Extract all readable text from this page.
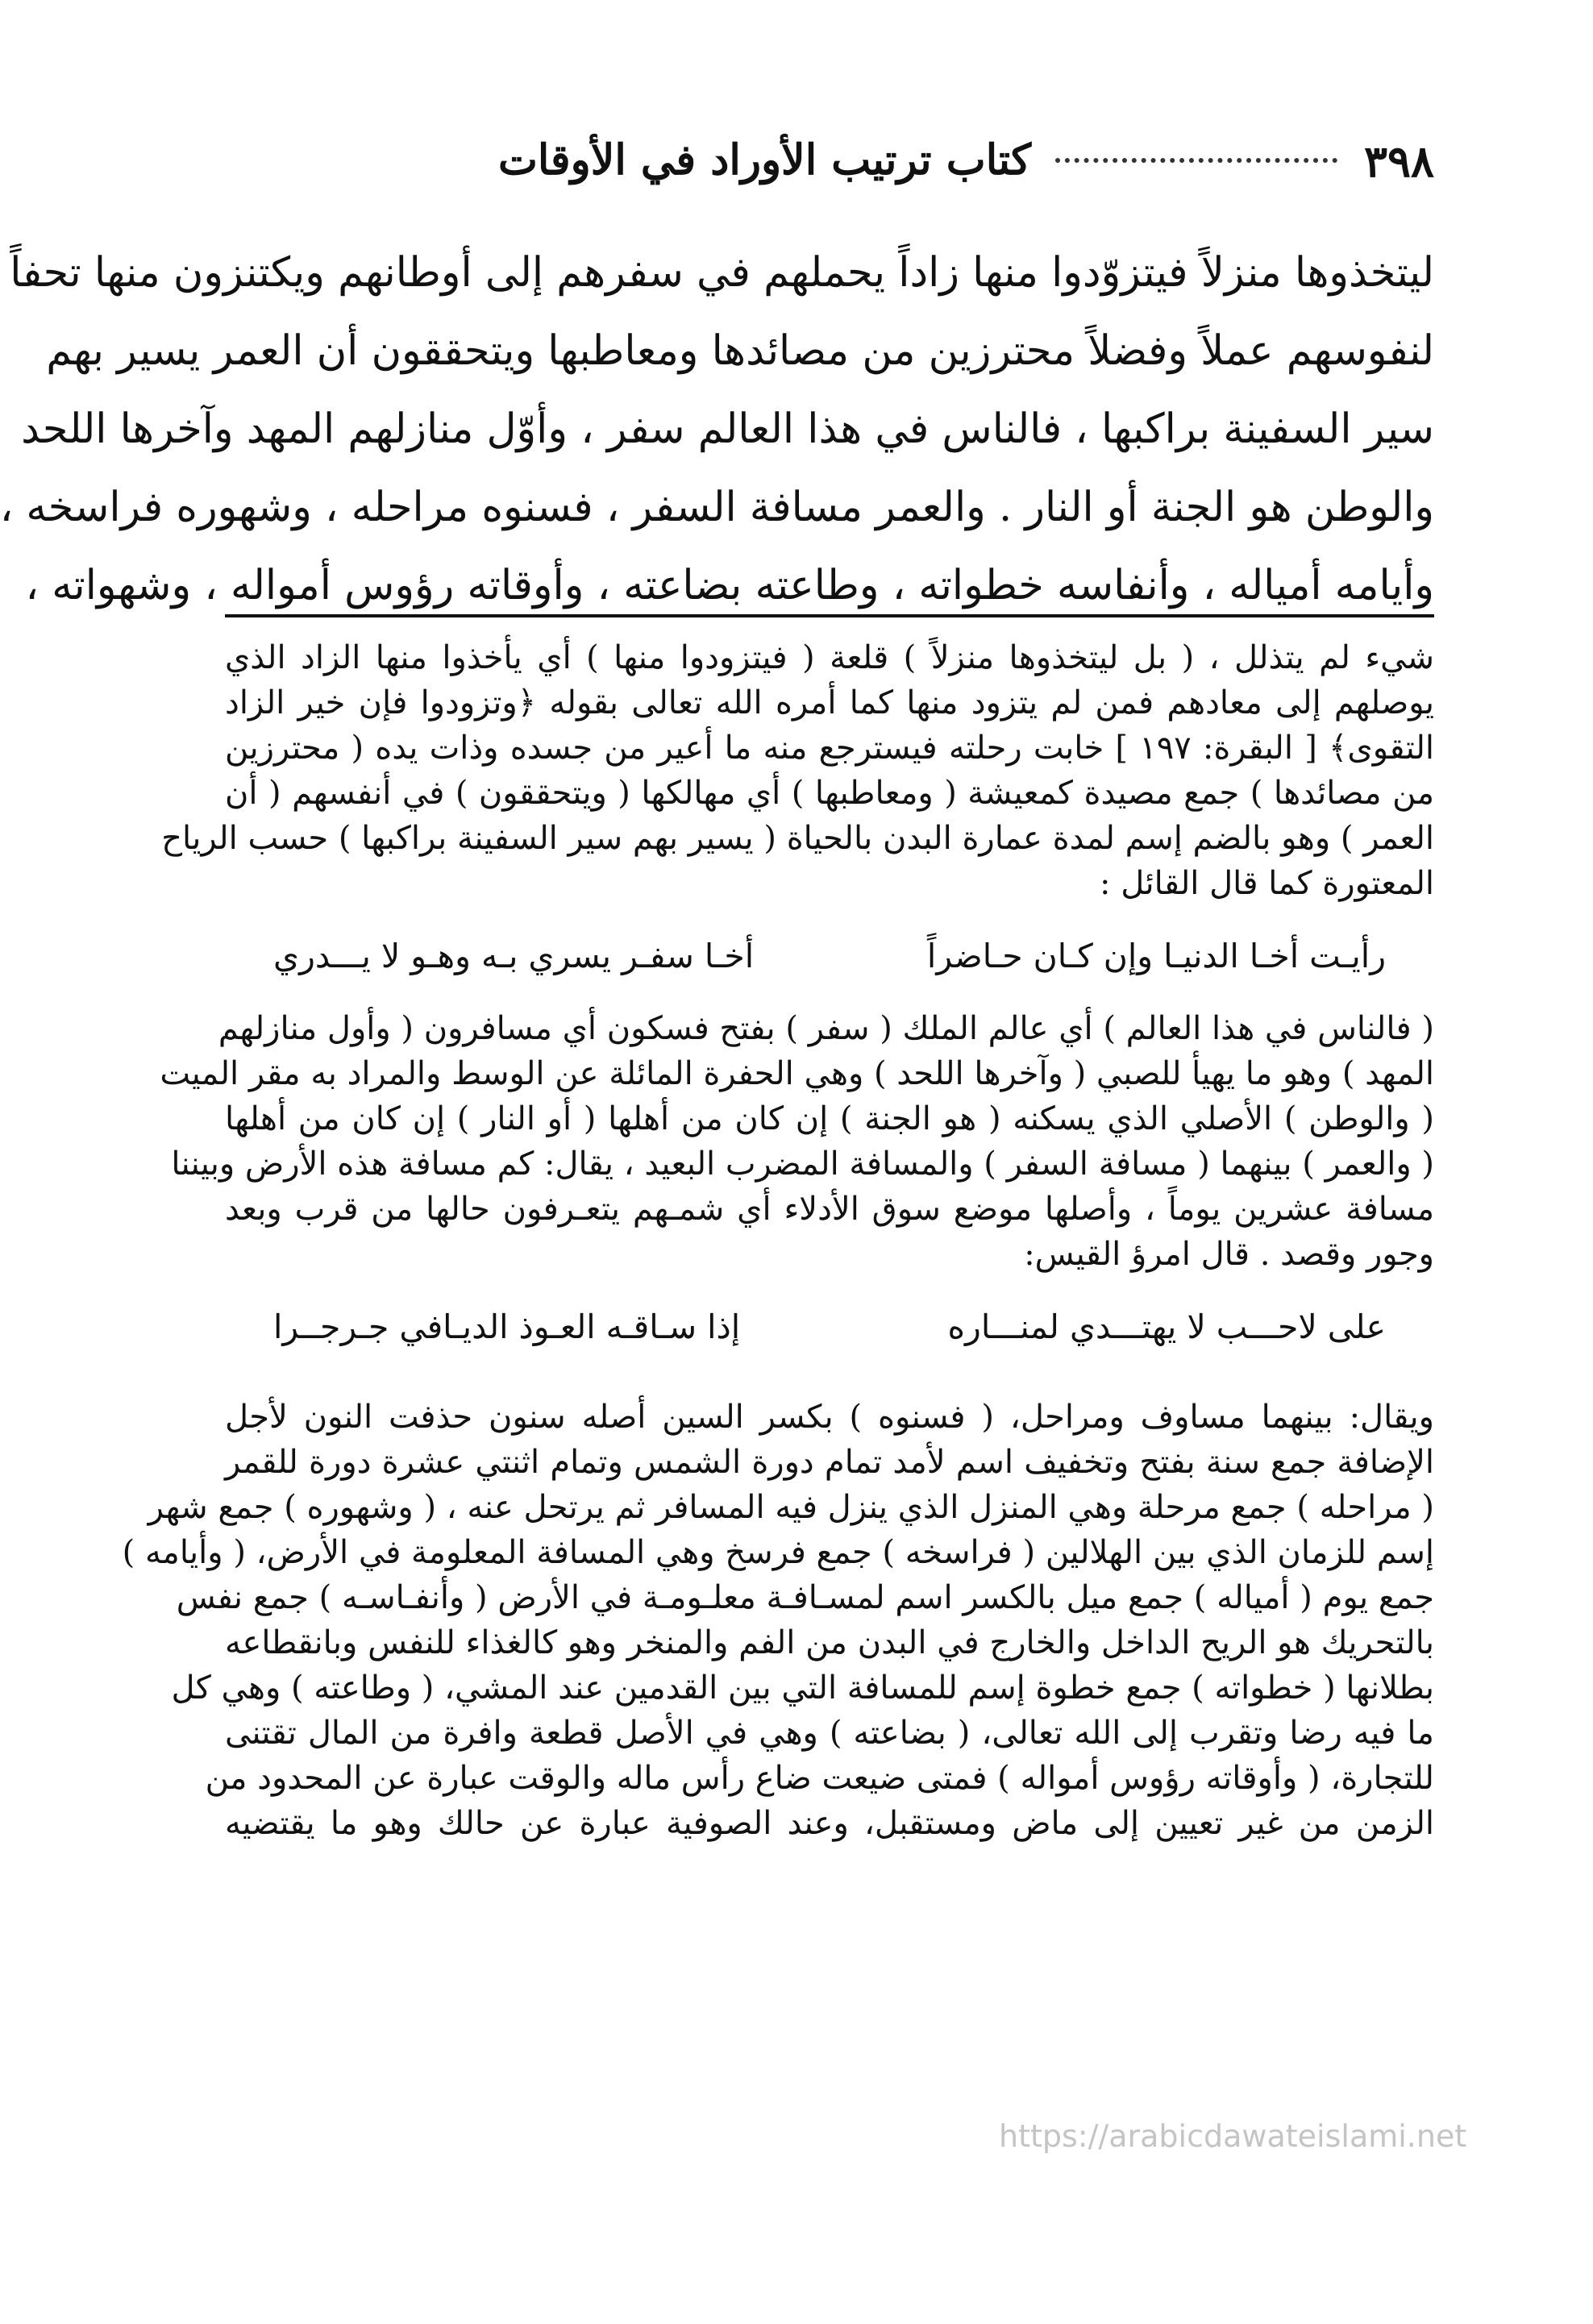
٣٩٨
كتاب ترتيب الأوراد في الأوقات
ليتخذوها منزلاً فيتزوّدوا منها زاداً يحملهم في سفرهم إلى أوطانهم ويكتنزون منها تحفاً
لنفوسهم عملاً وفضلاً محترزين من مصائدها ومعاطبها ويتحققون أن العمر يسير بهم
سير السفينة براكبها ، فالناس في هذا العالم سفر ، وأوّل منازلهم المهد وآخرها اللحد
والوطن هو الجنة أو النار . والعمر مسافة السفر ، فسنوه مراحله ، وشهوره فراسخه ،
وأيامه أمياله ، وأنفاسه خطواته ، وطاعته بضاعته ، وأوقاته رؤوس أمواله ، وشهواته ،
شيء لم يتذلل ، ( بل ليتخذوها منزلاً ) قلعة ( فيتزودوا منها ) أي يأخذوا منها الزاد الذي
يوصلهم إلى معادهم فمن لم يتزود منها كما أمره الله تعالى بقوله ﴿وتزودوا فإن خير الزاد
التقوى﴾ [ البقرة: ١٩٧ ] خابت رحلته فيسترجع منه ما أعير من جسده وذات يده ( محترزين
من مصائدها ) جمع مصيدة كمعيشة ( ومعاطبها ) أي مهالكها ( ويتحققون ) في أنفسهم ( أن
العمر ) وهو بالضم إسم لمدة عمارة البدن بالحياة ( يسير بهم سير السفينة براكبها ) حسب الرياح
المعتورة كما قال القائل :
رأيـت أخـا الدنيـا وإن كـان حـاضراً
أخـا سفـر يسري بـه وهـو لا يـــدري
( فالناس في هذا العالم ) أي عالم الملك ( سفر ) بفتح فسكون أي مسافرون ( وأول منازلهم
المهد ) وهو ما يهيأ للصبي ( وآخرها اللحد ) وهي الحفرة المائلة عن الوسط والمراد به مقر الميت
( والوطن ) الأصلي الذي يسكنه ( هو الجنة ) إن كان من أهلها ( أو النار ) إن كان من أهلها
( والعمر ) بينهما ( مسافة السفر ) والمسافة المضرب البعيد ، يقال: كم مسافة هذه الأرض وبيننا
مسافة عشرين يوماً ، وأصلها موضع سوق الأدلاء أي شمـهم يتعـرفون حالها من قرب وبعد
وجور وقصد . قال امرؤ القيس:
على لاحـــب لا يهتـــدي لمنـــاره
إذا سـاقـه العـوذ الديـافي جـرجــرا
ويقال: بينهما مساوف ومراحل، ( فسنوه ) بكسر السين أصله سنون حذفت النون لأجل
الإضافة جمع سنة بفتح وتخفيف اسم لأمد تمام دورة الشمس وتمام اثنتي عشرة دورة للقمر
( مراحله ) جمع مرحلة وهي المنزل الذي ينزل فيه المسافر ثم يرتحل عنه ، ( وشهوره ) جمع شهر
إسم للزمان الذي بين الهلالين ( فراسخه ) جمع فرسخ وهي المسافة المعلومة في الأرض، ( وأيامه )
جمع يوم ( أمياله ) جمع ميل بالكسر اسم لمسـافـة معلـومـة في الأرض ( وأنفـاسـه ) جمع نفس
بالتحريك هو الريح الداخل والخارج في البدن من الفم والمنخر وهو كالغذاء للنفس وبانقطاعه
بطلانها ( خطواته ) جمع خطوة إسم للمسافة التي بين القدمين عند المشي، ( وطاعته ) وهي كل
ما فيه رضا وتقرب إلى الله تعالى، ( بضاعته ) وهي في الأصل قطعة وافرة من المال تقتنى
للتجارة، ( وأوقاته رؤوس أمواله ) فمتى ضيعت ضاع رأس ماله والوقت عبارة عن المحدود من
الزمن من غير تعيين إلى ماض ومستقبل، وعند الصوفية عبارة عن حالك وهو ما يقتضيه
https://arabicdawateislami.net
